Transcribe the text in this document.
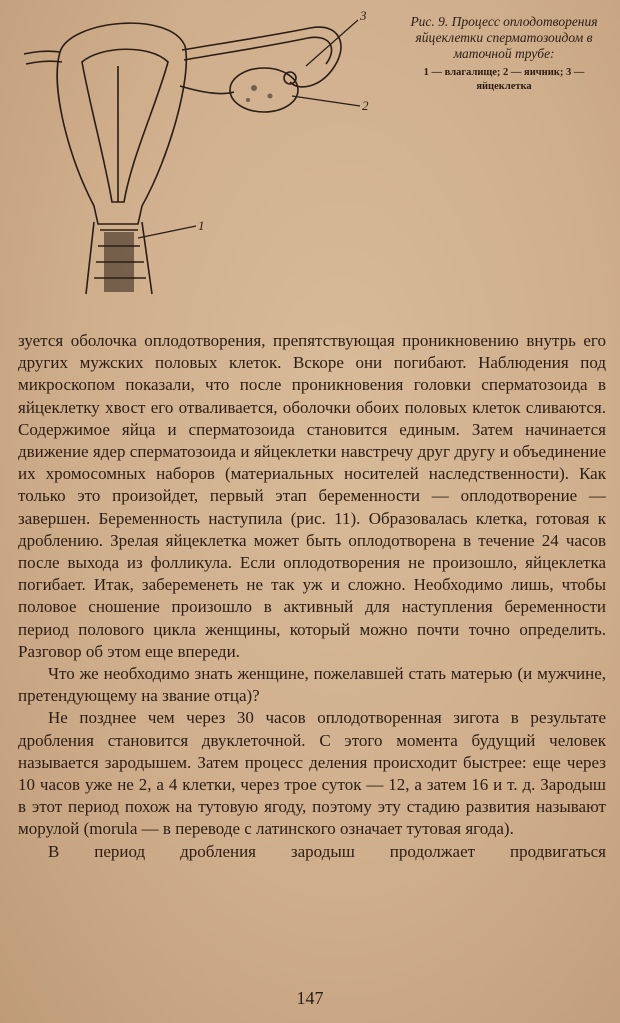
3
2
1
Рис. 9. Процесс оплодотворения яйцеклетки сперматозоидом в маточной трубе:
1 — влагалище; 2 — яичник; 3 — яйцеклетка

зуется оболочка оплодотворения, препятствующая проникновению внутрь его других мужских половых клеток. Вскоре они погибают. Наблюдения под микроскопом показали, что после проникновения головки сперматозоида в яйцеклетку хвост его отваливается, оболочки обоих половых клеток сливаются. Содержимое яйца и сперматозоида становится единым. Затем начинается движение ядер сперматозоида и яйцеклетки навстречу друг другу и объединение их хромосомных наборов (материальных носителей наследственности). Как только это произойдет, первый этап беременности — оплодотворение — завершен. Беременность наступила (рис. 11). Образовалась клетка, готовая к дроблению. Зрелая яйцеклетка может быть оплодотворена в течение 24 часов после выхода из фолликула. Если оплодотворения не произошло, яйцеклетка погибает. Итак, забеременеть не так уж и сложно. Необходимо лишь, чтобы половое сношение произошло в активный для наступления беременности период полового цикла женщины, который можно почти точно определить. Разговор об этом еще впереди.

Что же необходимо знать женщине, пожелавшей стать матерью (и мужчине, претендующему на звание отца)?

Не позднее чем через 30 часов оплодотворенная зигота в результате дробления становится двуклеточной. С этого момента будущий человек называется зародышем. Затем процесс деления происходит быстрее: еще через 10 часов уже не 2, а 4 клетки, через трое суток — 12, а затем 16 и т. д. Зародыш в этот период похож на тутовую ягоду, поэтому эту стадию развития называют морулой (morula — в переводе с латинского означает тутовая ягода).

В период дробления зародыш продолжает продвигаться

147
